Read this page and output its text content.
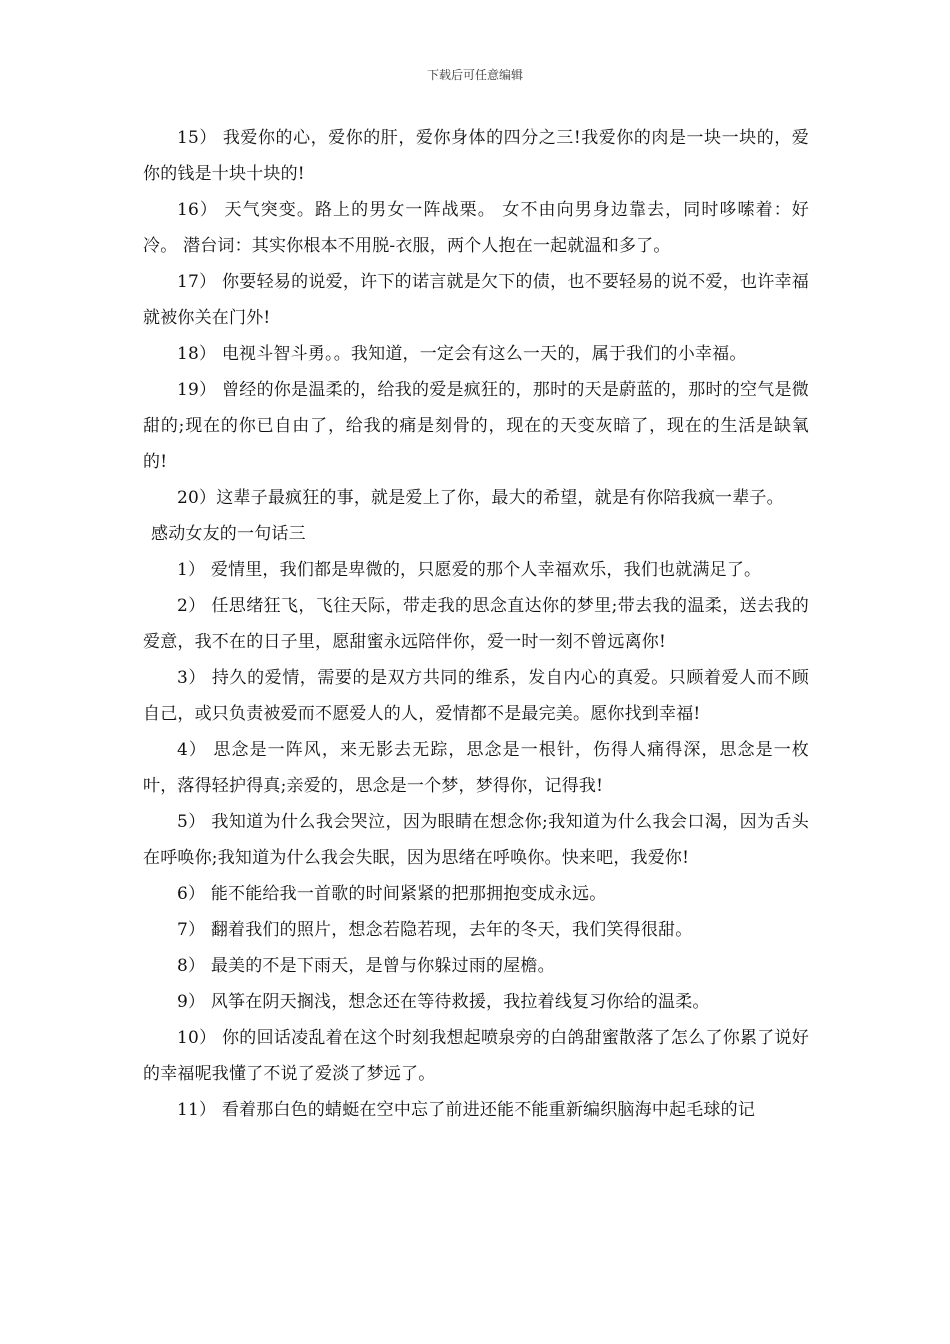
下载后可任意编辑

15） 我爱你的心，爱你的肝，爱你身体的四分之三!我爱你的肉是一块一块的，爱你的钱是十块十块的!

16） 天气突变。路上的男女一阵战栗。 女不由向男身边靠去，同时哆嗦着：好冷。 潜台词：其实你根本不用脱-衣服，两个人抱在一起就温和多了。

17） 你要轻易的说爱，许下的诺言就是欠下的债，也不要轻易的说不爱，也许幸福就被你关在门外!

18） 电视斗智斗勇。。我知道，一定会有这么一天的，属于我们的小幸福。

19） 曾经的你是温柔的，给我的爱是疯狂的，那时的天是蔚蓝的，那时的空气是微甜的;现在的你已自由了，给我的痛是刻骨的，现在的天变灰暗了，现在的生活是缺氧的!

20）这辈子最疯狂的事，就是爱上了你，最大的希望，就是有你陪我疯一辈子。

感动女友的一句话三

1） 爱情里，我们都是卑微的，只愿爱的那个人幸福欢乐，我们也就满足了。

2） 任思绪狂飞，飞往天际，带走我的思念直达你的梦里;带去我的温柔，送去我的爱意，我不在的日子里，愿甜蜜永远陪伴你，爱一时一刻不曾远离你!

3） 持久的爱情，需要的是双方共同的维系，发自内心的真爱。只顾着爱人而不顾自己，或只负责被爱而不愿爱人的人，爱情都不是最完美。愿你找到幸福!

4） 思念是一阵风，来无影去无踪，思念是一根针，伤得人痛得深，思念是一枚叶，落得轻护得真;亲爱的，思念是一个梦，梦得你，记得我!

5） 我知道为什么我会哭泣，因为眼睛在想念你;我知道为什么我会口渴，因为舌头在呼唤你;我知道为什么我会失眠，因为思绪在呼唤你。快来吧，我爱你!

6） 能不能给我一首歌的时间紧紧的把那拥抱变成永远。

7） 翻着我们的照片，想念若隐若现，去年的冬天，我们笑得很甜。

8） 最美的不是下雨天，是曾与你躲过雨的屋檐。

9） 风筝在阴天搁浅，想念还在等待救援，我拉着线复习你给的温柔。

10） 你的回话凌乱着在这个时刻我想起喷泉旁的白鸽甜蜜散落了怎么了你累了说好的幸福呢我懂了不说了爱淡了梦远了。

11） 看着那白色的蜻蜓在空中忘了前进还能不能重新编织脑海中起毛球的记
